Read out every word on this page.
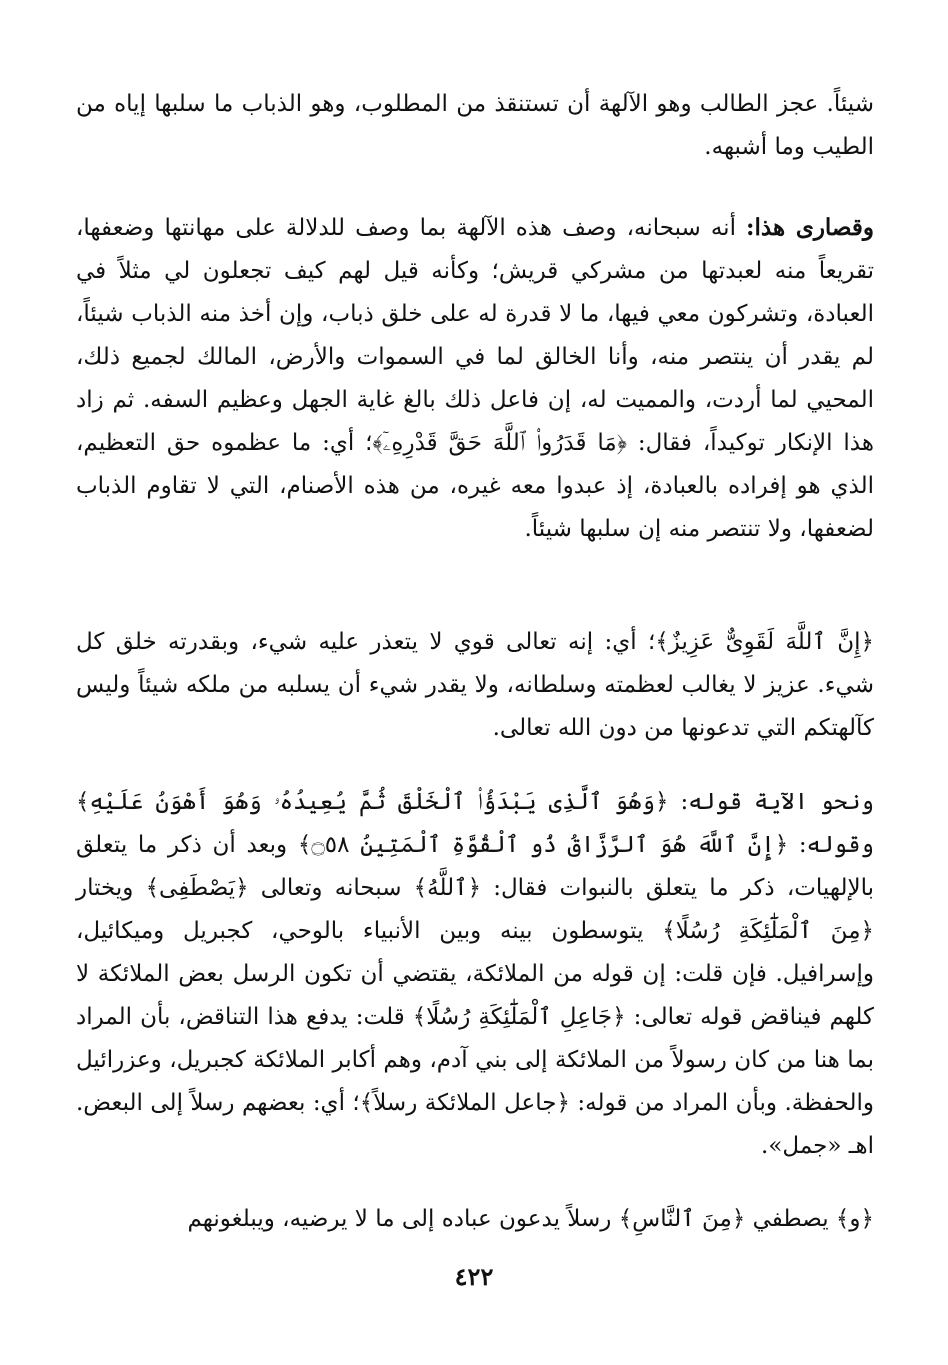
شيئاً. عجز الطالب وهو الآلهة أن تستنقذ من المطلوب، وهو الذباب ما سلبها إياه من الطيب وما أشبهه.

وقصارى هذا: أنه سبحانه، وصف هذه الآلهة بما وصف للدلالة على مهانتها وضعفها، تقريعاً منه لعبدتها من مشركي قريش؛ وكأنه قيل لهم كيف تجعلون لي مثلاً في العبادة، وتشركون معي فيها، ما لا قدرة له على خلق ذباب، وإن أخذ منه الذباب شيئاً، لم يقدر أن ينتصر منه، وأنا الخالق لما في السموات والأرض، المالك لجميع ذلك، المحيي لما أردت، والمميت له، إن فاعل ذلك بالغ غاية الجهل وعظيم السفه. ثم زاد هذا الإنكار توكيداً، فقال: ﴿مَا قَدَرُوا۟ ٱللَّهَ حَقَّ قَدْرِهِۦٓ﴾؛ أي: ما عظموه حق التعظيم، الذي هو إفراده بالعبادة، إذ عبدوا معه غيره، من هذه الأصنام، التي لا تقاوم الذباب لضعفها، ولا تنتصر منه إن سلبها شيئاً.

﴿إِنَّ ٱللَّهَ لَقَوِىٌّ عَزِيزٌ﴾؛ أي: إنه تعالى قوي لا يتعذر عليه شيء، وبقدرته خلق كل شيء. عزيز لا يغالب لعظمته وسلطانه، ولا يقدر شيء أن يسلبه من ملكه شيئاً وليس كآلهتكم التي تدعونها من دون الله تعالى.

ونحو الآية قوله: ﴿وَهُوَ ٱلَّذِى يَبْدَؤُا۟ ٱلْخَلْقَ ثُمَّ يُعِيدُهُۥ وَهُوَ أَهْوَنُ عَلَيْهِ﴾ وقوله: ﴿إِنَّ ٱللَّهَ هُوَ ٱلرَّزَّاقُ ذُو ٱلْقُوَّةِ ٱلْمَتِينُ ۝٥٨﴾ وبعد أن ذكر ما يتعلق بالإلهيات، ذكر ما يتعلق بالنبوات فقال: ﴿ٱللَّهُ﴾ سبحانه وتعالى ﴿يَصْطَفِى﴾ ويختار ﴿مِنَ ٱلْمَلَٰٓئِكَةِ رُسُلًا﴾ يتوسطون بينه وبين الأنبياء بالوحي، كجبريل وميكائيل، وإسرافيل. فإن قلت: إن قوله من الملائكة، يقتضي أن تكون الرسل بعض الملائكة لا كلهم فيناقض قوله تعالى: ﴿جَاعِلِ ٱلْمَلَٰٓئِكَةِ رُسُلًا﴾ قلت: يدفع هذا التناقض، بأن المراد بما هنا من كان رسولاً من الملائكة إلى بني آدم، وهم أكابر الملائكة كجبريل، وعزرائيل والحفظة. وبأن المراد من قوله: ﴿جاعل الملائكة رسلاً﴾؛ أي: بعضهم رسلاً إلى البعض. اهـ «جمل».

﴿و﴾ يصطفي ﴿مِنَ ٱلنَّاسِ﴾ رسلاً يدعون عباده إلى ما لا يرضيه، ويبلغونهم

٤٢٢
